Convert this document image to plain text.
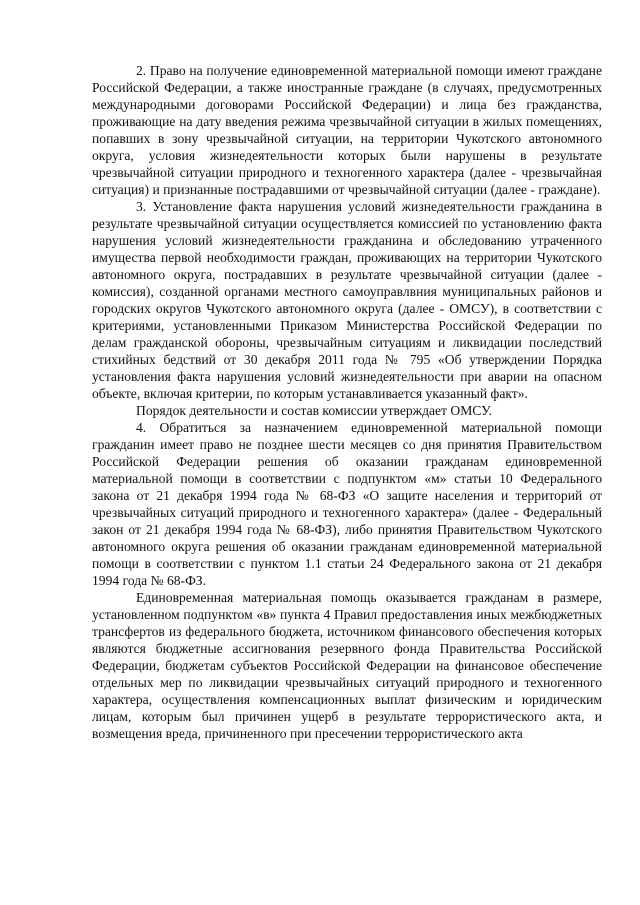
2. Право на получение единовременной материальной помощи имеют граждане Российской Федерации, а также иностранные граждане (в случаях, предусмотренных международными договорами Российской Федерации) и лица без гражданства, проживающие на дату введения режима чрезвычайной ситуации в жилых помещениях, попавших в зону чрезвычайной ситуации, на территории Чукотского автономного округа, условия жизнедеятельности которых были нарушены в результате чрезвычайной ситуации природного и техногенного характера (далее - чрезвычайная ситуация) и признанные пострадавшими от чрезвычайной ситуации (далее - граждане).

3. Установление факта нарушения условий жизнедеятельности гражданина в результате чрезвычайной ситуации осуществляется комиссией по установлению факта нарушения условий жизнедеятельности гражданина и обследованию утраченного имущества первой необходимости граждан, проживающих на территории Чукотского автономного округа, пострадавших в результате чрезвычайной ситуации (далее - комиссия), созданной органами местного самоуправлвния муниципальных районов и городских округов Чукотского автономного округа (далее - ОМСУ), в соответствии с критериями, установленными Приказом Министерства Российской Федерации по делам гражданской обороны, чрезвычайным ситуациям и ликвидации последствий стихийных бедствий от 30 декабря 2011 года № 795 «Об утверждении Порядка установления факта нарушения условий жизнедеятельности при аварии на опасном объекте, включая критерии, по которым устанавливается указанный факт».

Порядок деятельности и состав комиссии утверждает ОМСУ.

4. Обратиться за назначением единовременной материальной помощи гражданин имеет право не позднее шести месяцев со дня принятия Правительством Российской Федерации решения об оказании гражданам единовременной материальной помощи в соответствии с подпунктом «м» статьи 10 Федерального закона от 21 декабря 1994 года № 68-ФЗ «О защите населения и территорий от чрезвычайных ситуаций природного и техногенного характера» (далее - Федеральный закон от 21 декабря 1994 года № 68-ФЗ), либо принятия Правительством Чукотского автономного округа решения об оказании гражданам единовременной материальной помощи в соответствии с пунктом 1.1 статьи 24 Федерального закона от 21 декабря 1994 года № 68-ФЗ.

Единовременная материальная помощь оказывается гражданам в размере, установленном подпунктом «в» пункта 4 Правил предоставления иных межбюджетных трансфертов из федерального бюджета, источником финансового обеспечения которых являются бюджетные ассигнования резервного фонда Правительства Российской Федерации, бюджетам субъектов Российской Федерации на финансовое обеспечение отдельных мер по ликвидации чрезвычайных ситуаций природного и техногенного характера, осуществления компенсационных выплат физическим и юридическим лицам, которым был причинен ущерб в результате террористического акта, и возмещения вреда, причиненного при пресечении террористического акта
